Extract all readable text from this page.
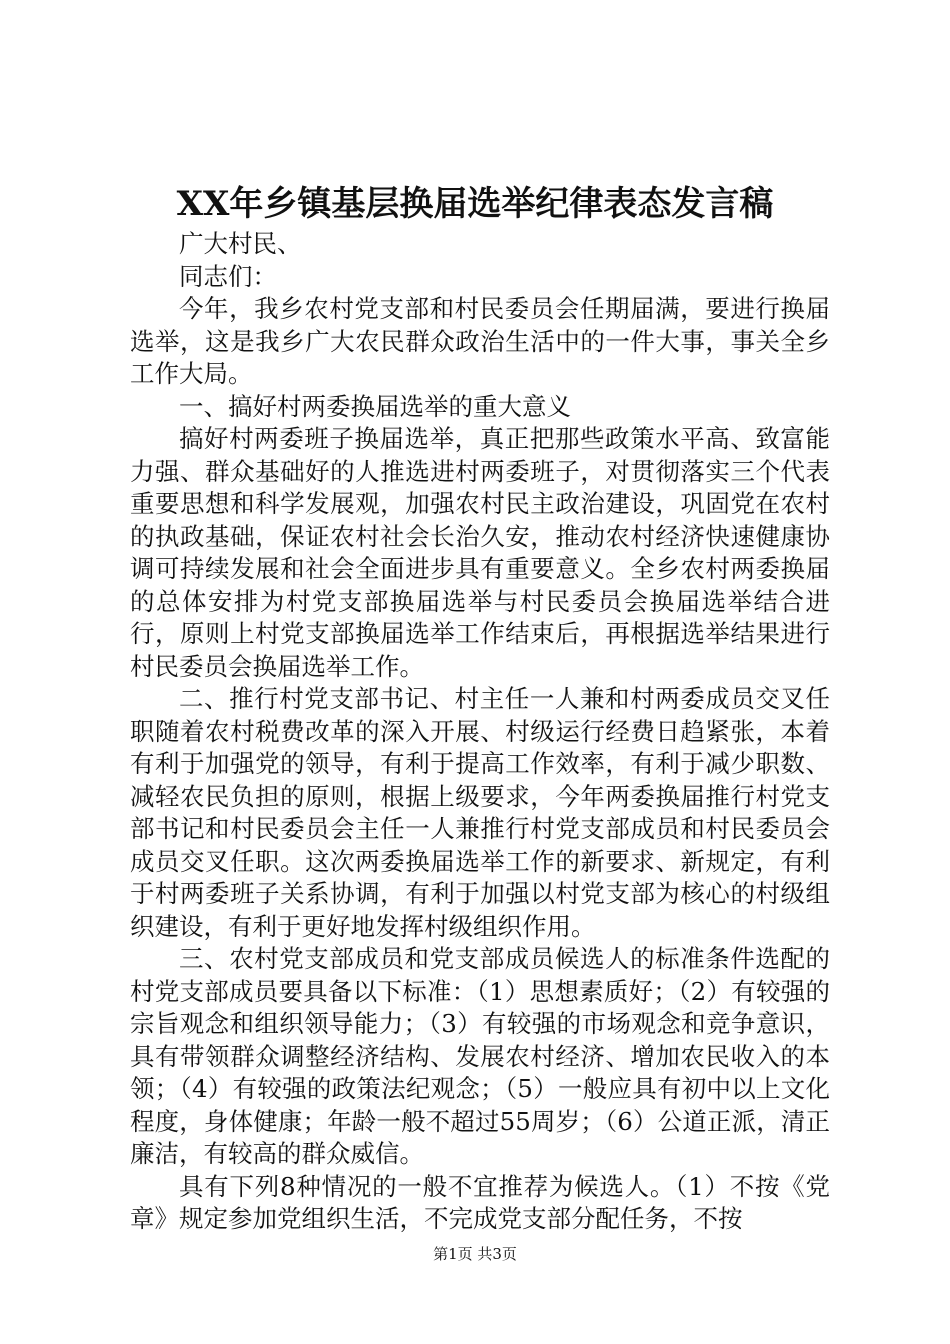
XX年乡镇基层换届选举纪律表态发言稿

广大村民、

同志们：

今年，我乡农村党支部和村民委员会任期届满，要进行换届选举，这是我乡广大农民群众政治生活中的一件大事，事关全乡工作大局。

一、搞好村两委换届选举的重大意义

搞好村两委班子换届选举，真正把那些政策水平高、致富能力强、群众基础好的人推选进村两委班子，对贯彻落实三个代表重要思想和科学发展观，加强农村民主政治建设，巩固党在农村的执政基础，保证农村社会长治久安，推动农村经济快速健康协调可持续发展和社会全面进步具有重要意义。全乡农村两委换届的总体安排为村党支部换届选举与村民委员会换届选举结合进行，原则上村党支部换届选举工作结束后，再根据选举结果进行村民委员会换届选举工作。

二、推行村党支部书记、村主任一人兼和村两委成员交叉任职随着农村税费改革的深入开展、村级运行经费日趋紧张，本着有利于加强党的领导，有利于提高工作效率，有利于减少职数、减轻农民负担的原则，根据上级要求，今年两委换届推行村党支部书记和村民委员会主任一人兼推行村党支部成员和村民委员会成员交叉任职。这次两委换届选举工作的新要求、新规定，有利于村两委班子关系协调，有利于加强以村党支部为核心的村级组织建设，有利于更好地发挥村级组织作用。

三、农村党支部成员和党支部成员候选人的标准条件选配的村党支部成员要具备以下标准：（1）思想素质好；（2）有较强的宗旨观念和组织领导能力；（3）有较强的市场观念和竞争意识，具有带领群众调整经济结构、发展农村经济、增加农民收入的本领；（4）有较强的政策法纪观念；（5）一般应具有初中以上文化程度，身体健康；年龄一般不超过55周岁；（6）公道正派，清正廉洁，有较高的群众威信。

具有下列8种情况的一般不宜推荐为候选人。（1）不按《党章》规定参加党组织生活，不完成党支部分配任务，不按

第1页 共3页
